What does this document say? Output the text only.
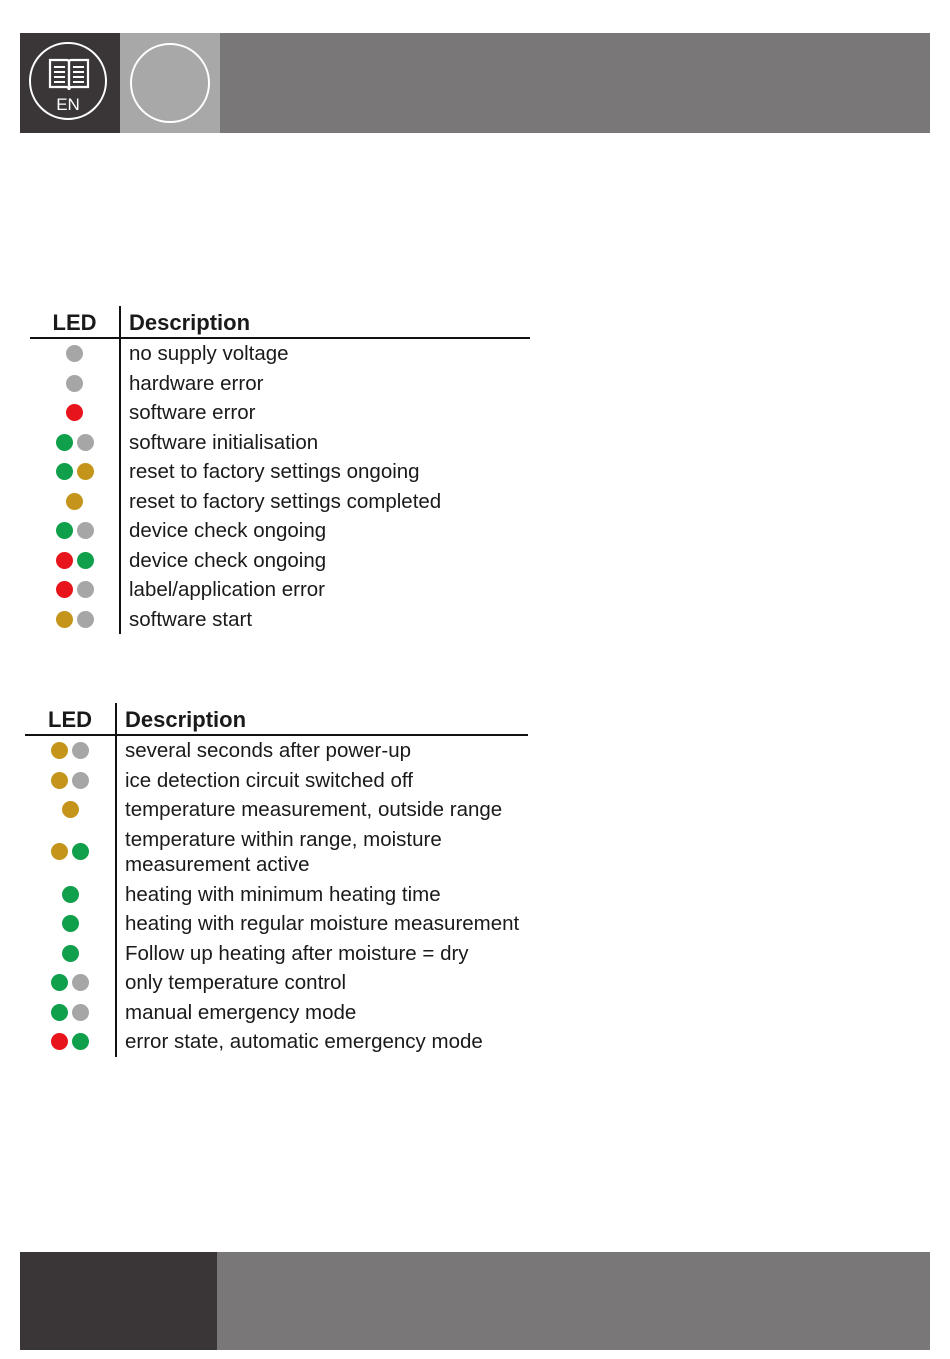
EN
LED	Description
	no supply voltage
	hardware error
	software error
	software initialisation
	reset to factory settings ongoing
	reset to factory settings completed
	device check ongoing
	device check ongoing
	label/application error
	software start
LED	Description
	several seconds after power-up
	ice detection circuit switched off
	temperature measurement, outside range
	temperature within range, moisture measurement active
	heating with minimum heating time
	heating with regular moisture measurement
	Follow up heating after moisture = dry
	only temperature control
	manual emergency mode
	error state, automatic emergency mode
